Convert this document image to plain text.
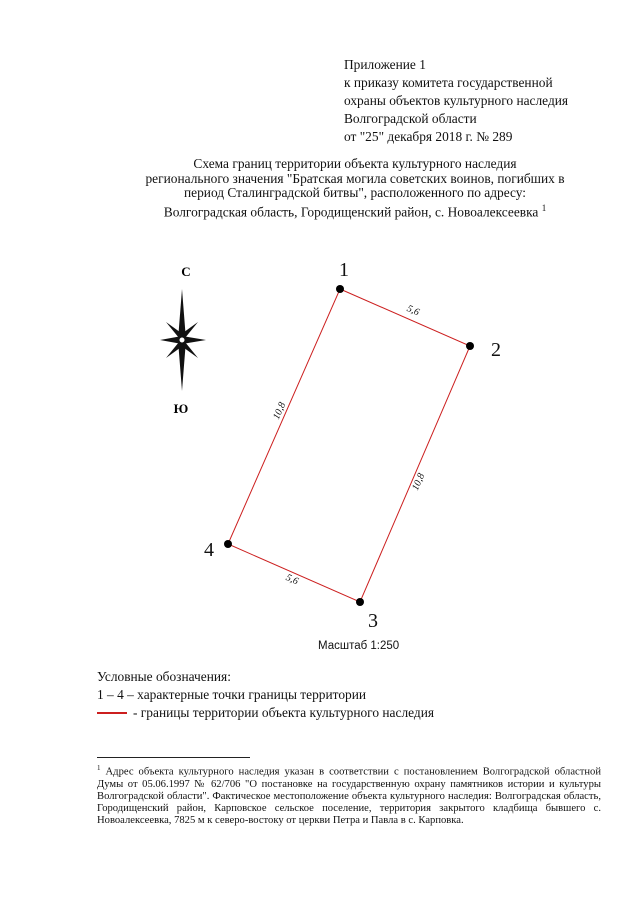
Приложение 1
к приказу комитета государственной
охраны объектов культурного наследия
Волгоградской области
от "25" декабря 2018 г. № 289
Схема границ территории объекта культурного наследия
регионального значения "Братская могила советских воинов, погибших в
период Сталинградской битвы", расположенного по адресу:
Волгоградская область, Городищенский район, с. Новоалексеевка $^1$
С
Ю
5,6
10,8
5,6
10,8
1
2
3
4
Масштаб 1:250
Условные обозначения:
1 – 4 – характерные точки границы территории
- границы территории объекта культурного наследия
$^1$ Адрес объекта культурного наследия указан в соответствии с постановлением Волгоградской областной Думы от 05.06.1997 № 62/706 "О постановке на государственную охрану памятников истории и культуры Волгоградской области". Фактическое местоположение объекта культурного наследия: Волгоградская область, Городищенский район, Карповское сельское поселение, территория закрытого кладбища бывшего с. Новоалексеевка, 7825 м к северо-востоку от церкви Петра и Павла в с. Карповка.
